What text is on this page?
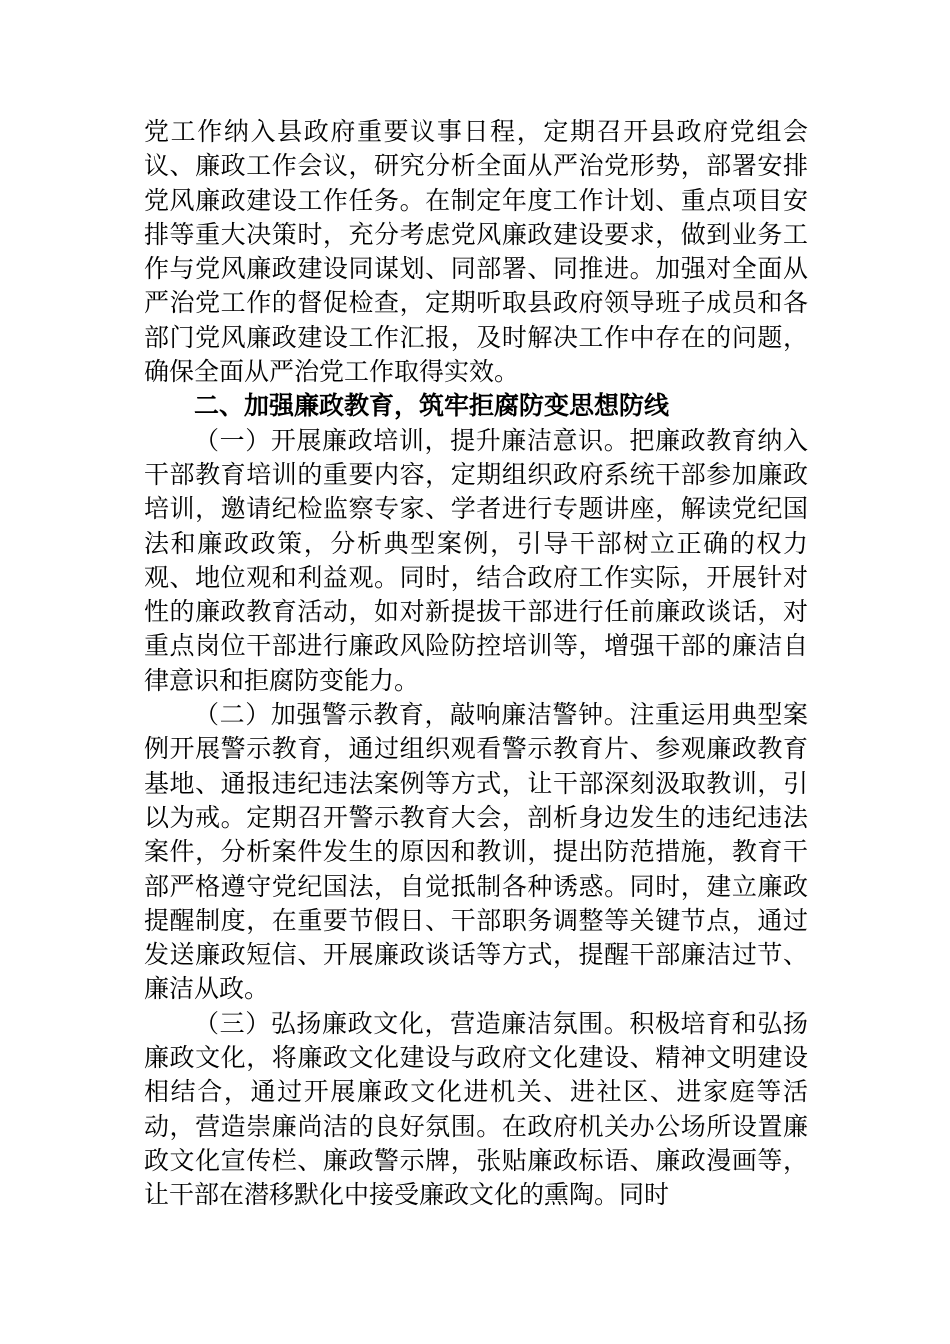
党工作纳入县政府重要议事日程，定期召开县政府党组会议、廉政工作会议，研究分析全面从严治党形势，部署安排党风廉政建设工作任务。在制定年度工作计划、重点项目安排等重大决策时，充分考虑党风廉政建设要求，做到业务工作与党风廉政建设同谋划、同部署、同推进。加强对全面从严治党工作的督促检查，定期听取县政府领导班子成员和各部门党风廉政建设工作汇报，及时解决工作中存在的问题，确保全面从严治党工作取得实效。

二、加强廉政教育，筑牢拒腐防变思想防线

（一）开展廉政培训，提升廉洁意识。把廉政教育纳入干部教育培训的重要内容，定期组织政府系统干部参加廉政培训，邀请纪检监察专家、学者进行专题讲座，解读党纪国法和廉政政策，分析典型案例，引导干部树立正确的权力观、地位观和利益观。同时，结合政府工作实际，开展针对性的廉政教育活动，如对新提拔干部进行任前廉政谈话，对重点岗位干部进行廉政风险防控培训等，增强干部的廉洁自律意识和拒腐防变能力。

（二）加强警示教育，敲响廉洁警钟。注重运用典型案例开展警示教育，通过组织观看警示教育片、参观廉政教育基地、通报违纪违法案例等方式，让干部深刻汲取教训，引以为戒。定期召开警示教育大会，剖析身边发生的违纪违法案件，分析案件发生的原因和教训，提出防范措施，教育干部严格遵守党纪国法，自觉抵制各种诱惑。同时，建立廉政提醒制度，在重要节假日、干部职务调整等关键节点，通过发送廉政短信、开展廉政谈话等方式，提醒干部廉洁过节、廉洁从政。

（三）弘扬廉政文化，营造廉洁氛围。积极培育和弘扬廉政文化，将廉政文化建设与政府文化建设、精神文明建设相结合，通过开展廉政文化进机关、进社区、进家庭等活动，营造崇廉尚洁的良好氛围。在政府机关办公场所设置廉政文化宣传栏、廉政警示牌，张贴廉政标语、廉政漫画等，让干部在潜移默化中接受廉政文化的熏陶。同时
